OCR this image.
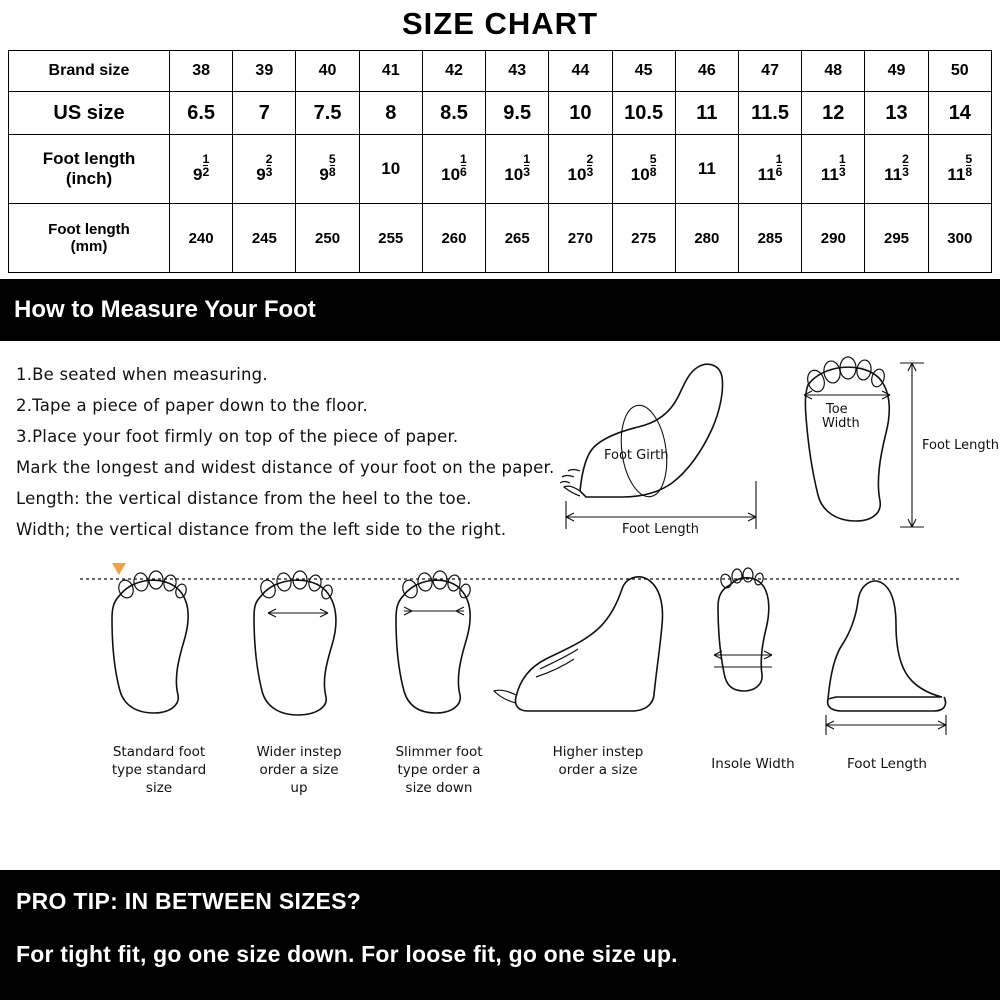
SIZE CHART
Brand size	38	39	40	41	42	43	44	45	46	47	48	49	50
US size	6.5	7	7.5	8	8.5	9.5	10	10.5	11	11.5	12	13	14

Foot length
(inch)	$9 \frac{1}{2}$	$9 \frac{2}{3}$	$9 \frac{5}{8}$	10	$10 \frac{1}{6}$	$10 \frac{1}{3}$	$10 \frac{2}{3}$	$10 \frac{5}{8}$	11	$11 \frac{1}{6}$	$11 \frac{1}{3}$	$11 \frac{2}{3}$	$11 \frac{5}{8}$

Foot length
(mm)	240	245	250	255	260	265	270	275	280	285	290	295	300
How to Measure Your Foot
1.Be seated when measuring.
2.Tape a piece of paper down to the floor.
3.Place your foot firmly on top of the piece of paper.
Mark the longest and widest distance of your foot on the paper.
Length: the vertical distance from the heel to the toe.
Width; the vertical distance from the left side to the right.
Foot Girth
Foot Length
Toe
Width
Foot Length
Standard foot
type standard
size
Wider instep
order a size
up
Slimmer foot
type order a
size down
Higher instep
order a size	Insole Width	Foot Length
PRO TIP: IN BETWEEN SIZES?
For tight fit, go one size down. For loose fit, go one size up.
